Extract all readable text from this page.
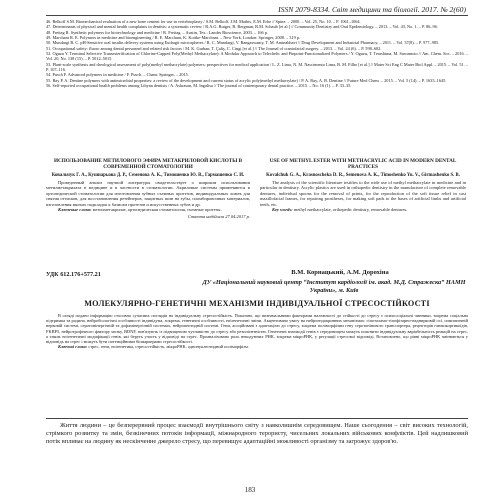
ISSN 2079-8334. Світ медицини та біології. 2017. № 2(60)

46. Belkoff S.M. Biomechanical evaluation of a new bone cement for use in vertebroplasty / S.M. Belkoff, J.M. Mathis, E.M. Erbe // Spine. – 2000. – Vol. 25, No. 10. – P. 1061–1064.

47. Determinants of physical and mental health complaints in dentists: a systematic review / R.A.G. Rutger, R. Bergman, B.M. Schaub [et al.] // Community Dentistry and Oral Epidemiology. – 2013. – Vol. 43, No. 1. – P. 86–96.

48. Freitag R. Synthetic polymers for biotechnology and medicine / R. Freitag. – Austin, Tex.: Landes Bioscience, 2003. – 166 p.

49. Marchant R. E. Polymers in medicine and bioengineering / R. E. Marchant, K. Kottke-Marchant. – New York, London: Springer, 2008. – 319 p.

50. Mundargi R. C. pH-Sensitive oral insulin delivery systems using Eudragit microspheres / R. C. Mundargi, V. Rangaswamy, T. M. Aminabhavi // Drug Development and Industrial Pharmacy. – 2011. – Vol. 37(8). – P. 977–985.

51. Occupational safety: fluoro among dental personnel and related risk factors / M. K. Gurban, T. Çaliş, C. Cingi [et al.] // The Journal of craniofacial surgery. – 2013. – Vol. 24 (6). – P. 598–602.

52. Oguzu Y. Terminal Selective Transesterification of Chlorine-Capped Poly(Methyl Methacrylate): A Modular Approach to Telechelic and Pinpoint-Functionalized Polymers / Y. Oguzu, T. Terashima, M. Sawamoto // Am. Chem. Soc. – 2016. – Vol. 20, No. 138 (15). – P. 5012–5015.

53. Plant-scale synthesis and rheological assessment of poly(methyl methacrylate) polymers: perspectives for medical application / L. Z. Lima, N. M. Nascimento Lima, B. M. Filho [et al.] // Mater Sci Eng C Mater Biol Appl. – 2015. – Vol. 51. – P. 107–116.

54. Pusch F. Advanced polymers in medicine / F. Pusch. – Cham: Springer, – 2015.

55. Ray P. A. Dentine polymers with antimicrobial properties: a review of the development and current status of acrylic poly(methyl methacrylate) / P. A. Ray, A. B. Dentine // Future Med Chem. – 2015. – Vol. 5 (14). – P. 1635–1645.

56. Self-reported occupational health problems among Libyan dentists / A. Ashrasan, M. Ingalisa // The journal of contemporary dental practice. – 2015. – No. 16 (1). – P. 33–35.

ИСПОЛЬЗОВАНИЕ МЕТИЛОВОГО ЭФИРА МЕТАКРИЛОВОЙ КИСЛОТЫ В СОВРЕМЕННОЙ СТОМАТОЛОГИИ
Ковальчук Г. А., Кушнарьова Д. Р., Семенова А. К., Тимошенко Ю. В., Гармашенко С. И.

Проведенный анализ научной литературы свидетельствует о широком использовании метилметакрилата в медицине и в частности в стоматологии. Акриловые системы применяются в ортопедической стоматологии для изготовления зубных съемных протезов, индивидуальных ложек для снятия оттисков, для восстановления ретейнеров, защитных шин на зубы, пломбировочных материалов, изготовления мягких подкладок к базисам протезов и искусственных зубов и др.

Ключевые слова: метилметакрилат, ортопедическая стоматология, съемные протезы.

Стаття надійшла 27.04.2017 р.

USE OF METHYL ESTER WITH METHACRYLIC ACID IN MODERN DENTAL PRACTICES
Kovalchuk G. A., Krasnoscheka D. R., Semenova A. K., Timoshenko Yu. V., Girmashenko S. B.

The analysis of the scientific literature testifies to the wide use of methyl methacrylate in medicine and in particular in dentistry. Acrylic plastics are used in orthopedic dentistry in the manufacture of complete removable dentures, individual spoons for the removal of prints, for the reproduction of the soft tissue relief in cast maxillofacial frames, for repairing prostheses, for making soft pads to the bases of artificial limbs and artificial teeth, etc.

Key words: methyl methacrylate, orthopedic dentistry, removable dentures.

УДК 612.176+577.21	В.М. Корнацький, А.М. Дорохіна
ДУ «Національний науковий центр “Інститут кардіології ім. акад. М.Д. Стражеска” НАМН України», м. Київ
МОЛЕКУЛЯРНО-ГЕНЕТИЧНІ МЕХАНІЗМИ ІНДИВІДУАЛЬНОЇ СТРЕСОСТІЙКОСТІ

В огляді подано інформацію стосовно сучасних поглядів на індивідуальну стресостійкість. Показано, що визначальними факторами належності до стійкості до стресу є психосоціальні чинники, зокрема соціальна підтримка та родина, нейробіологічні особливості індивідума, зокрема, генетичні особливості, епігенетичні зміни. Акцентовано увагу на нейроендокринних механізмах: гіпоталамо-гіпофізарно-наднирковій осі, симпатичній нервовій системі, серотонінергічній та дофамінергічній системах, нейропептидній системі. Гени, асоційовані з адаптацією до стресу, зокрема поліморфізми гену серотонінового транспортера, рецепторів глюкокортикоїдів, FKBP5, нейротрофічного фактору мозку, BDNF, пов'язують із підвищеною чутливістю до стресу або резилієнтністю. Генетичні взаємодії генів з середовищем можуть пояснити індивідуальну варіабельність реакцій на стрес, а також епігенетичні модифікації генів, які беруть участь у відповіді на стрес. Проаналізовано роль некодуючих РНК, зокрема мікроРНК, у регуляції стресової відповіді. Встановлено, що рівні мікроРНК змінюються у відповідь на стрес і можуть бути потенційними біомаркерами стресостійкості.

Ключові слова: стрес, гени, епігенетика, стресостійкість, мікроРНК, однонуклеотидний поліморфізм.

Життя людини – це безперервний процес взаємодії внутрішнього світу з навколишнім середовищем. Наше сьогодення – світ високих технологій, стрімкого розвитку та змін, безкінечних потоків інформації, міжнародного терористу, чисельних локальних військових конфліктів. Цей надлишковий потік впливає на людину як нескінченне джерело стресу, що перевищує адаптаційні можливості організму та загрожує здоров'ю.

183
